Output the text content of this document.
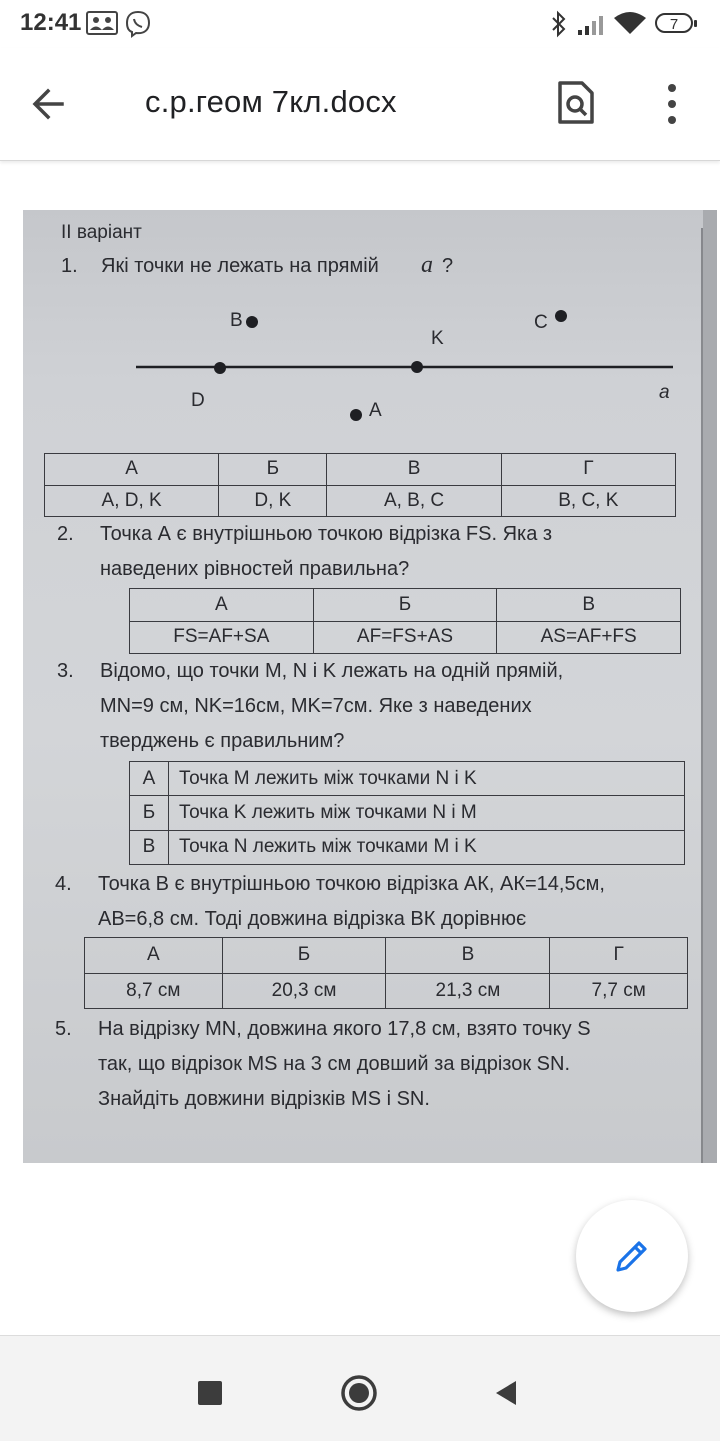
12:41	7
с.р.геом 7кл.docx
ІІ варіант
1. Які точки не лежать на прямій а ?
B	C
K
D	A
а
А	Б	В	Г
A, D, K	D, K	A, B, C	B, C, K
2. Точка А є внутрішньою точкою відрізка FS. Яка з
наведених рівностей правильна?
А	Б	В
FS=AF+SA	AF=FS+AS	AS=AF+FS
3. Відомо, що точки M, N і K лежать на одній прямій,
MN=9 см, NK=16см, MK=7см. Яке з наведених
тверджень є правильним?
А	Точка M лежить між точками N і K
Б	Точка K лежить між точками N і M
В	Точка N лежить між точками M і K
4. Точка В є внутрішньою точкою відрізка АК, АК=14,5см,
АВ=6,8 см. Тоді довжина відрізка ВК дорівнює
А	Б	В	Г
8,7 см	20,3 см	21,3 см	7,7 см
5. На відрізку MN, довжина якого 17,8 см, взято точку S
так, що відрізок MS на 3 см довший за відрізок SN.
Знайдіть довжини відрізків MS і SN.
